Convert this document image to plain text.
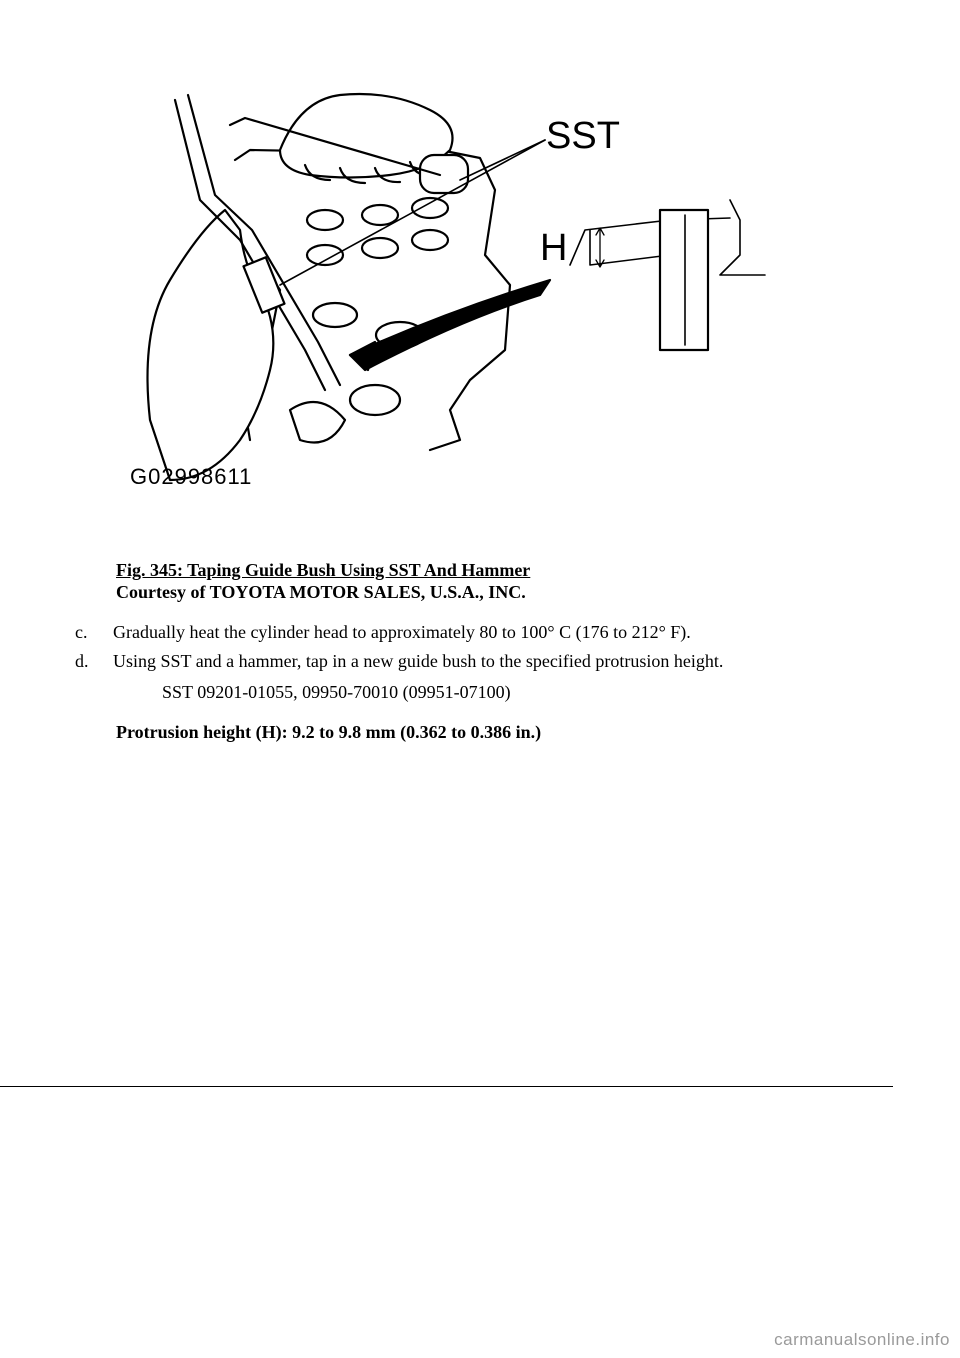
SST
H
G02998611
Fig. 345: Taping Guide Bush Using SST And Hammer
Courtesy of TOYOTA MOTOR SALES, U.S.A., INC.
c.	Gradually heat the cylinder head to approximately 80 to 100° C (176 to 212° F).
d.	Using SST and a hammer, tap in a new guide bush to the specified protrusion height.
SST 09201-01055, 09950-70010 (09951-07100)
Protrusion height (H): 9.2 to 9.8 mm (0.362 to 0.386 in.)
carmanualsonline.info
